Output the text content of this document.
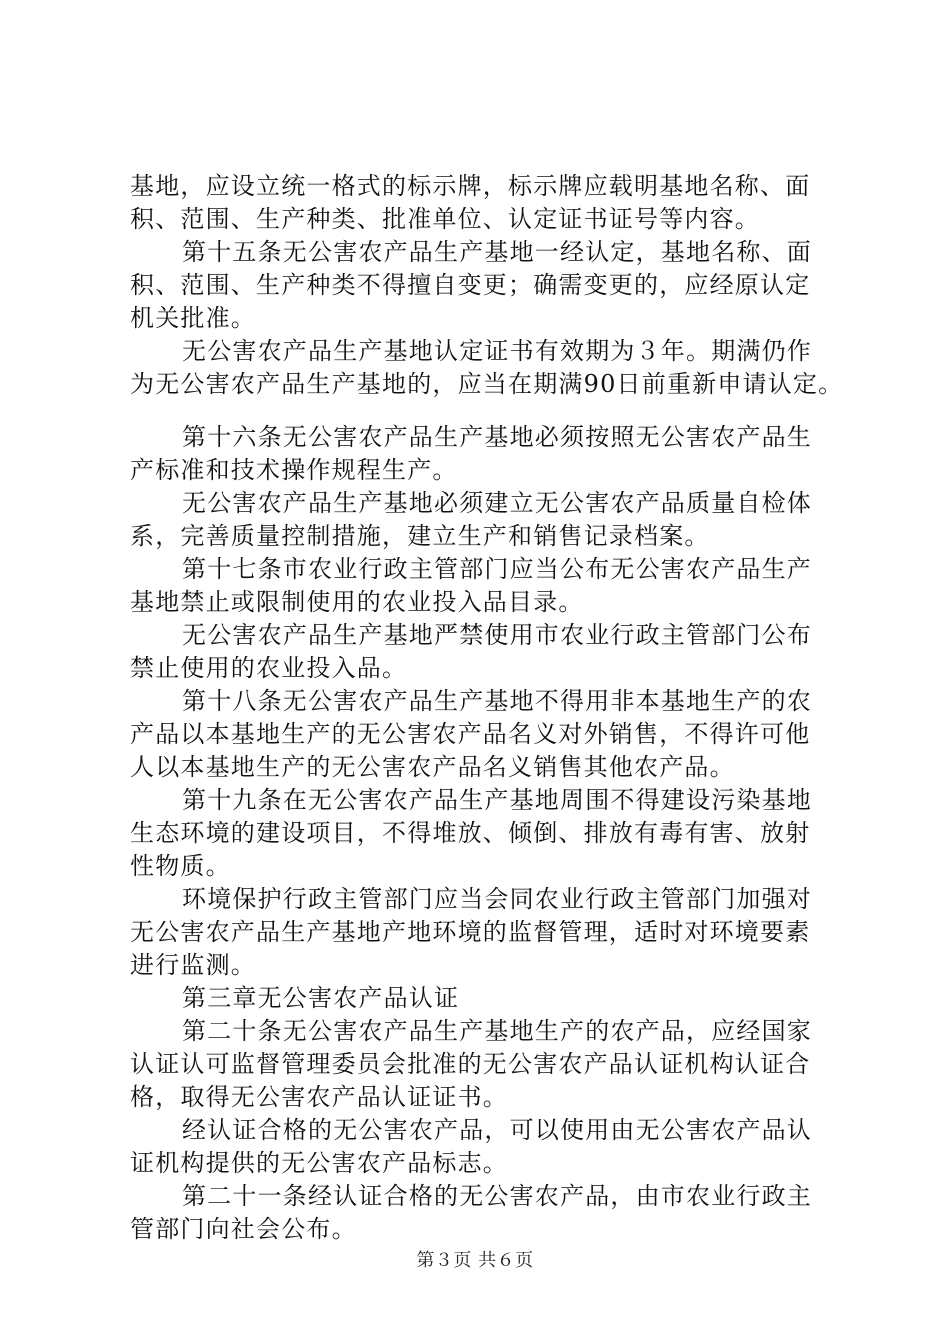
基地，应设立统一格式的标示牌，标示牌应载明基地名称、面
积、范围、生产种类、批准单位、认定证书证号等内容。
第十五条无公害农产品生产基地一经认定，基地名称、面
积、范围、生产种类不得擅自变更；确需变更的，应经原认定
机关批准。
无公害农产品生产基地认定证书有效期为３年。期满仍作
为无公害农产品生产基地的，应当在期满90日前重新申请认定。
第十六条无公害农产品生产基地必须按照无公害农产品生
产标准和技术操作规程生产。
无公害农产品生产基地必须建立无公害农产品质量自检体
系，完善质量控制措施，建立生产和销售记录档案。
第十七条市农业行政主管部门应当公布无公害农产品生产
基地禁止或限制使用的农业投入品目录。
无公害农产品生产基地严禁使用市农业行政主管部门公布
禁止使用的农业投入品。
第十八条无公害农产品生产基地不得用非本基地生产的农
产品以本基地生产的无公害农产品名义对外销售，不得许可他
人以本基地生产的无公害农产品名义销售其他农产品。
第十九条在无公害农产品生产基地周围不得建设污染基地
生态环境的建设项目，不得堆放、倾倒、排放有毒有害、放射
性物质。
环境保护行政主管部门应当会同农业行政主管部门加强对
无公害农产品生产基地产地环境的监督管理，适时对环境要素
进行监测。
第三章无公害农产品认证
第二十条无公害农产品生产基地生产的农产品，应经国家
认证认可监督管理委员会批准的无公害农产品认证机构认证合
格，取得无公害农产品认证证书。
经认证合格的无公害农产品，可以使用由无公害农产品认
证机构提供的无公害农产品标志。
第二十一条经认证合格的无公害农产品，由市农业行政主
管部门向社会公布。
第３页 共６页
